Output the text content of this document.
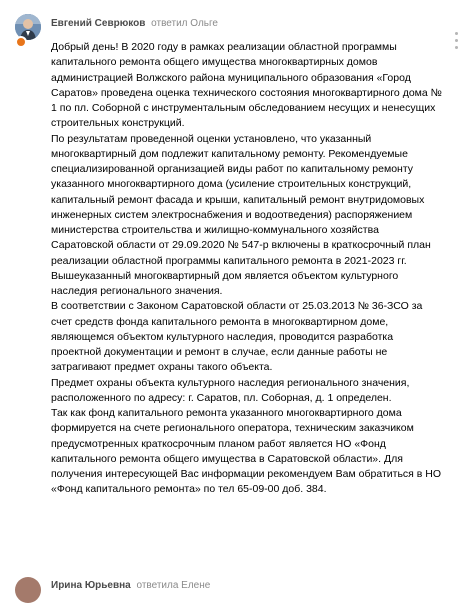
Евгений Севрюков ответил Ольге

Добрый день! В 2020 году в рамках реализации областной программы капитального ремонта общего имущества многоквартирных домов администрацией Волжского района муниципального образования «Город Саратов» проведена оценка технического состояния многоквартирного дома № 1 по пл. Соборной с инструментальным обследованием несущих и ненесущих строительных конструкций.

По результатам проведенной оценки установлено, что указанный многоквартирный дом подлежит капитальному ремонту. Рекомендуемые специализированной организацией виды работ по капитальному ремонту указанного многоквартирного дома (усиление строительных конструкций, капитальный ремонт фасада и крыши, капитальный ремонт внутридомовых инженерных систем электроснабжения и водоотведения) распоряжением министерства строительства и жилищно-коммунального хозяйства Саратовской области от 29.09.2020 № 547-р включены в краткосрочный план реализации областной программы капитального ремонта в 2021-2023 гг.

Вышеуказанный многоквартирный дом является объектом культурного наследия регионального значения.

В соответствии с Законом Саратовской области от 25.03.2013 № 36-ЗСО за счет средств фонда капитального ремонта в многоквартирном доме, являющемся объектом культурного наследия, проводится разработка проектной документации и ремонт в случае, если данные работы не затрагивают предмет охраны такого объекта.

Предмет охраны объекта культурного наследия регионального значения, расположенного по адресу: г. Саратов, пл. Соборная, д. 1 определен.

Так как фонд капитального ремонта указанного многоквартирного дома формируется на счете регионального оператора, техническим заказчиком предусмотренных краткосрочным планом работ является НО «Фонд капитального ремонта общего имущества в Саратовской области». Для получения интересующей Вас информации рекомендуем Вам обратиться в НО «Фонд капитального ремонта» по тел 65-09-00 доб. 384.

Ирина Юрьевна ответила Елене
